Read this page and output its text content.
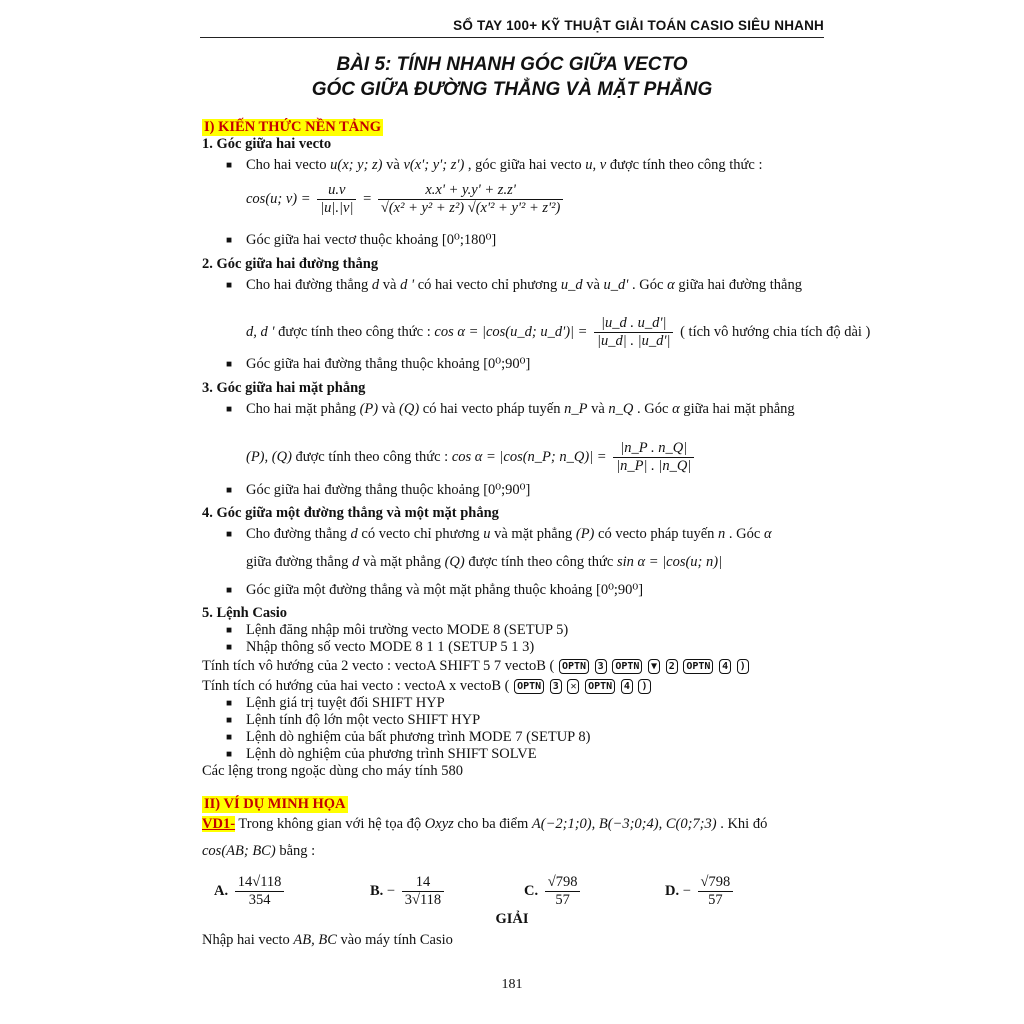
SỔ TAY 100+ KỸ THUẬT GIẢI TOÁN CASIO SIÊU NHANH
BÀI 5: TÍNH NHANH GÓC GIỮA VECTO
GÓC GIỮA ĐƯỜNG THẲNG VÀ MẶT PHẲNG
I) KIẾN THỨC NỀN TẢNG
1. Góc giữa hai vecto
■ Cho hai vecto u(x; y; z) và v(x'; y'; z') , góc giữa hai vecto u, v được tính theo công thức :
cos(u; $v) = \frac{u.v}{|u|.|v|} = \frac{x.x' + y.y' + z.z'}{\text{√(x² + y² + z²) √(x'² + y'² + z'²)}}$
■ Góc giữa hai vectơ thuộc khoảng [0⁰;180⁰]
2. Góc giữa hai đường thẳng
■ Cho hai đường thẳng d và d ' có hai vecto chỉ phương u_d và u_d' . Góc α giữa hai đường thẳng
d, d ' được tính theo công thức : cos α = |cos(u_d; u_d')| = $\frac{|u\_d . u\_d'|}{|u\_d| . |u\_d'|}$ ( tích vô hướng chia tích độ dài )
■ Góc giữa hai đường thẳng thuộc khoảng [0⁰;90⁰]
3. Góc giữa hai mặt phẳng
■ Cho hai mặt phẳng (P) và (Q) có hai vecto pháp tuyến n_P và n_Q . Góc α giữa hai mặt phẳng
(P), (Q) được tính theo công thức : cos α = |cos(n_P; n_Q)| = $\frac{|n\_P . n\_Q|}{|n\_P| . |n\_Q|}$
■ Góc giữa hai đường thẳng thuộc khoảng [0⁰;90⁰]
4. Góc giữa một đường thẳng và một mặt phẳng
■ Cho đường thẳng d có vecto chỉ phương u và mặt phẳng (P) có vecto pháp tuyến n . Góc α
giữa đường thẳng d và mặt phẳng (Q) được tính theo công thức sin α = |cos(u; n)|
■ Góc giữa một đường thẳng và một mặt phẳng thuộc khoảng [0⁰;90⁰]
5. Lệnh Casio
■ Lệnh đăng nhập môi trường vecto MODE 8 (SETUP 5)
■ Nhập thông số vecto MODE 8 1 1 (SETUP 5 1 3)
Tính tích vô hướng của 2 vecto : vectoA SHIFT 5 7 vectoB ( OPTN 3 OPTN ▼ 2 OPTN 4 )
Tính tích có hướng của hai vecto : vectoA x vectoB ( OPTN 3 ✕ OPTN 4 )
■ Lệnh giá trị tuyệt đối SHIFT HYP
■ Lệnh tính độ lớn một vecto SHIFT HYP
■ Lệnh dò nghiệm của bất phương trình MODE 7 (SETUP 8)
■ Lệnh dò nghiệm của phương trình SHIFT SOLVE
Các lệng trong ngoặc dùng cho máy tính 580
II) VÍ DỤ MINH HỌA
VD1- Trong không gian với hệ tọa độ Oxyz cho ba điểm A(−2;1;0), B(−3;0;4), C(0;7;3) . Khi đó
cos(AB; BC) bằng :
A. $\frac{14√118}{354}$	B. − $\frac{14}{3√118}$	C. $\frac{√798}{57}$	D. − $\frac{√798}{57}$
GIẢI
Nhập hai vecto AB, BC vào máy tính Casio
181
